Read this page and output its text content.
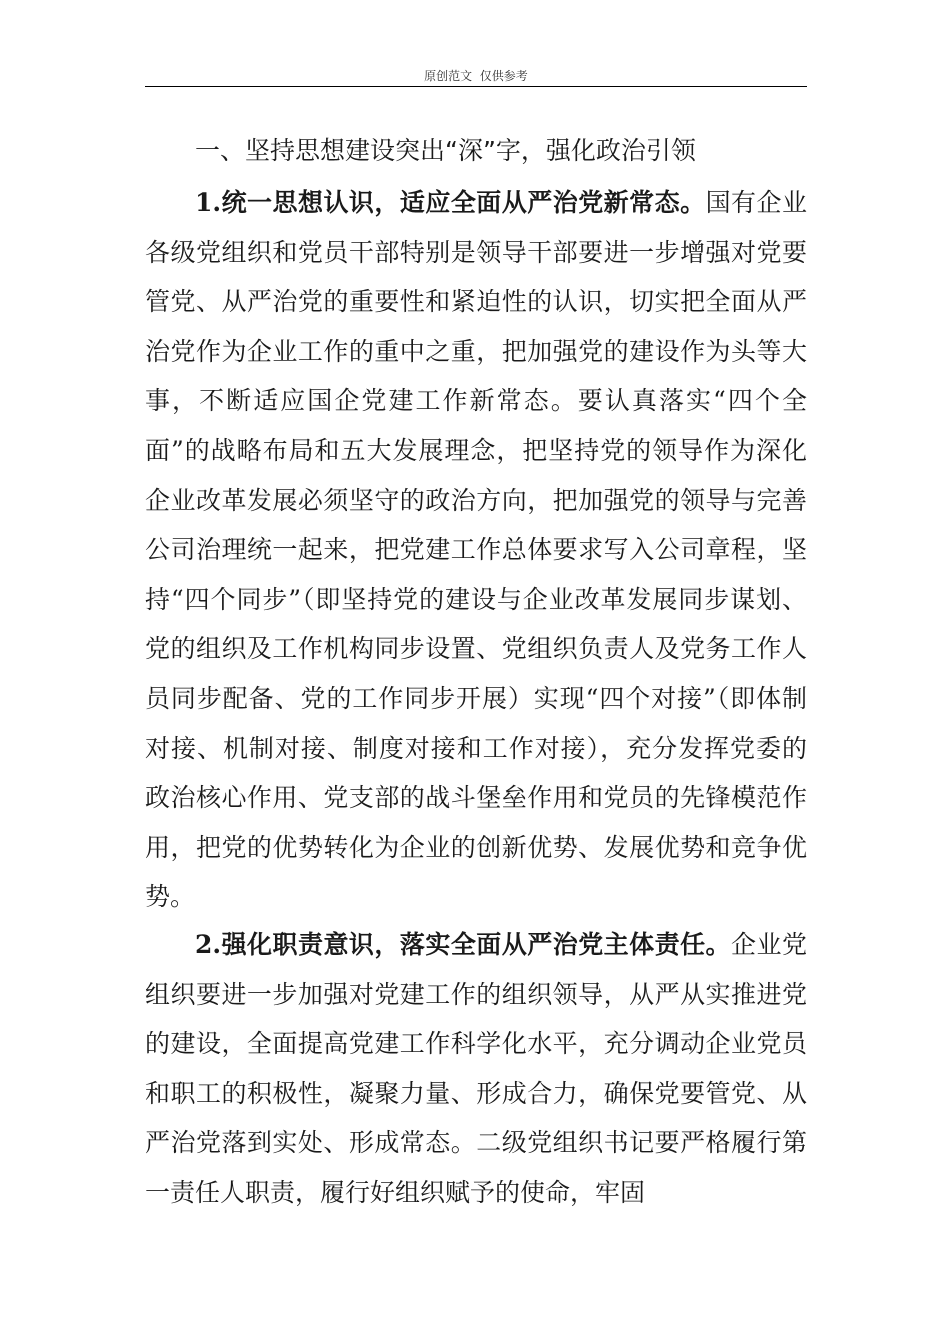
原创范文  仅供参考
一、坚持思想建设突出“深”字，强化政治引领

1.统一思想认识，适应全面从严治党新常态。国有企业各级党组织和党员干部特别是领导干部要进一步增强对党要管党、从严治党的重要性和紧迫性的认识，切实把全面从严治党作为企业工作的重中之重，把加强党的建设作为头等大事，不断适应国企党建工作新常态。要认真落实“四个全面”的战略布局和五大发展理念，把坚持党的领导作为深化企业改革发展必须坚守的政治方向，把加强党的领导与完善公司治理统一起来，把党建工作总体要求写入公司章程，坚持“四个同步”（即坚持党的建设与企业改革发展同步谋划、党的组织及工作机构同步设置、党组织负责人及党务工作人员同步配备、党的工作同步开展）实现“四个对接”（即体制对接、机制对接、制度对接和工作对接），充分发挥党委的政治核心作用、党支部的战斗堡垒作用和党员的先锋模范作用，把党的优势转化为企业的创新优势、发展优势和竞争优势。

2.强化职责意识，落实全面从严治党主体责任。企业党组织要进一步加强对党建工作的组织领导，从严从实推进党的建设，全面提高党建工作科学化水平，充分调动企业党员和职工的积极性，凝聚力量、形成合力，确保党要管党、从严治党落到实处、形成常态。二级党组织书记要严格履行第一责任人职责，履行好组织赋予的使命，牢固
